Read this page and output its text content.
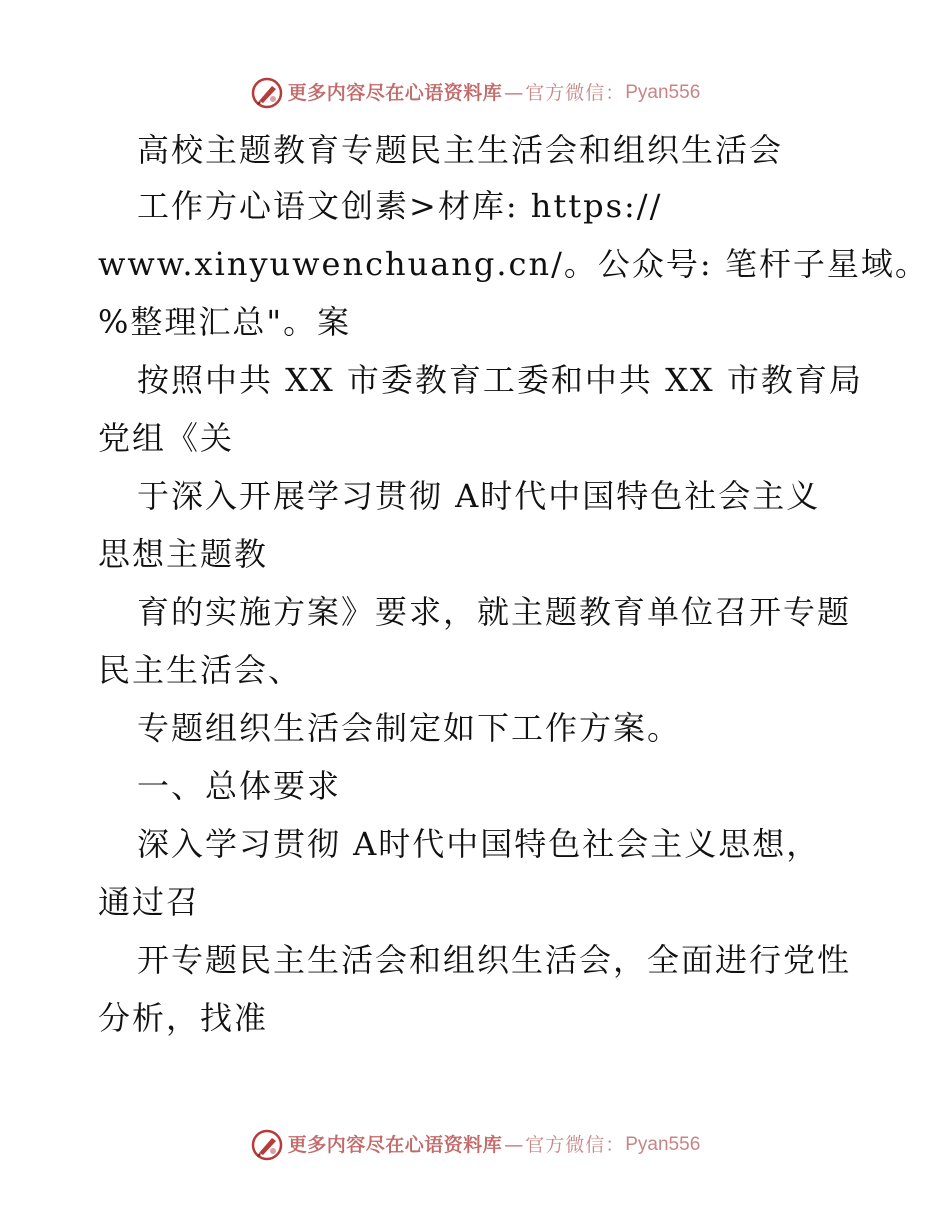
更多内容尽在心语资料库 — 官方微信： Pyan556
高校主题教育专题民主生活会和组织生活会
工作方心语文创素>材库: https://
www.xinyuwenchuang.cn/。公众号: 笔杆子星域。
%整理汇总"。案
按照中共 XX 市委教育工委和中共 XX 市教育局
党组《关
于深入开展学习贯彻 A时代中国特色社会主义
思想主题教
育的实施方案》要求，就主题教育单位召开专题
民主生活会、
专题组织生活会制定如下工作方案。
一、总体要求
深入学习贯彻 A时代中国特色社会主义思想，
通过召
开专题民主生活会和组织生活会，全面进行党性
分析，找准
更多内容尽在心语资料库 — 官方微信： Pyan556
